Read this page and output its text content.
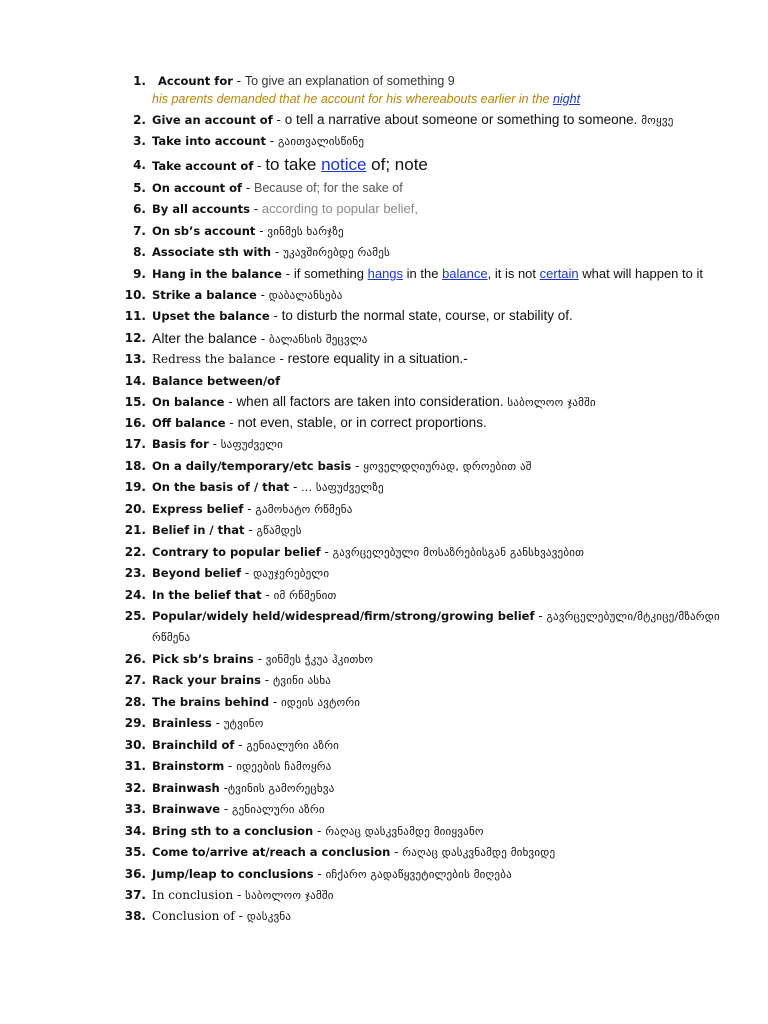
1. Account for - To give an explanation of something 9
his parents demanded that he account for his whereabouts earlier in the night
2. Give an account of - o tell a narrative about someone or something to someone. მოყვე
3. Take into account - გაითვალისწინე
4. Take account of - to take notice of; note
5. On account of - Because of; for the sake of
6. By all accounts - according to popular belief,
7. On sb’s account - ვინმეს ხარჯზე
8. Associate sth with - უკავშირებდე რამეს
9. Hang in the balance - if something hangs in the balance, it is not certain what will happen to it
10. Strike a balance - დაბალანსება
11. Upset the balance - to disturb the normal state, course, or stability of.
12. Alter the balance - ბალანსის შეცვლა
13. Redress the balance - restore equality in a situation.-
14. Balance between/of
15. On balance - when all factors are taken into consideration. საბოლოო ჯამში
16. Off balance - not even, stable, or in correct proportions.
17. Basis for - საფუძველი
18. On a daily/temporary/etc basis - ყოველდღიურად, დროებით აშ
19. On the basis of / that - ... საფუძველზე
20. Express belief - გამოხატო რწმენა
21. Belief in / that - გწამდეს
22. Contrary to popular belief - გავრცელებული მოსაზრებისგან განსხვავებით
23. Beyond belief - დაუჯერებელი
24. In the belief that - იმ რწმენით
25. Popular/widely held/widespread/firm/strong/growing belief - გავრცელებული/მტკიცე/მზარდი
რწმენა
26. Pick sb’s brains - ვინმეს ჭკუა ჰკითხო
27. Rack your brains - ტვინი ასხა
28. The brains behind - იდეის ავტორი
29. Brainless - უტვინო
30. Brainchild of - გენიალური აზრი
31. Brainstorm - იდეების ჩამოყრა
32. Brainwash -ტვინის გამორეცხვა
33. Brainwave - გენიალური აზრი
34. Bring sth to a conclusion - რაღაც დასკვნამდე მიიყვანო
35. Come to/arrive at/reach a conclusion - რაღაც დასკვნამდე მიხვიდე
36. Jump/leap to conclusions - იჩქარო გადაწყვეტილების მიღება
37. In conclusion - საბოლოო ჯამში
38. Conclusion of - დასკვნა
